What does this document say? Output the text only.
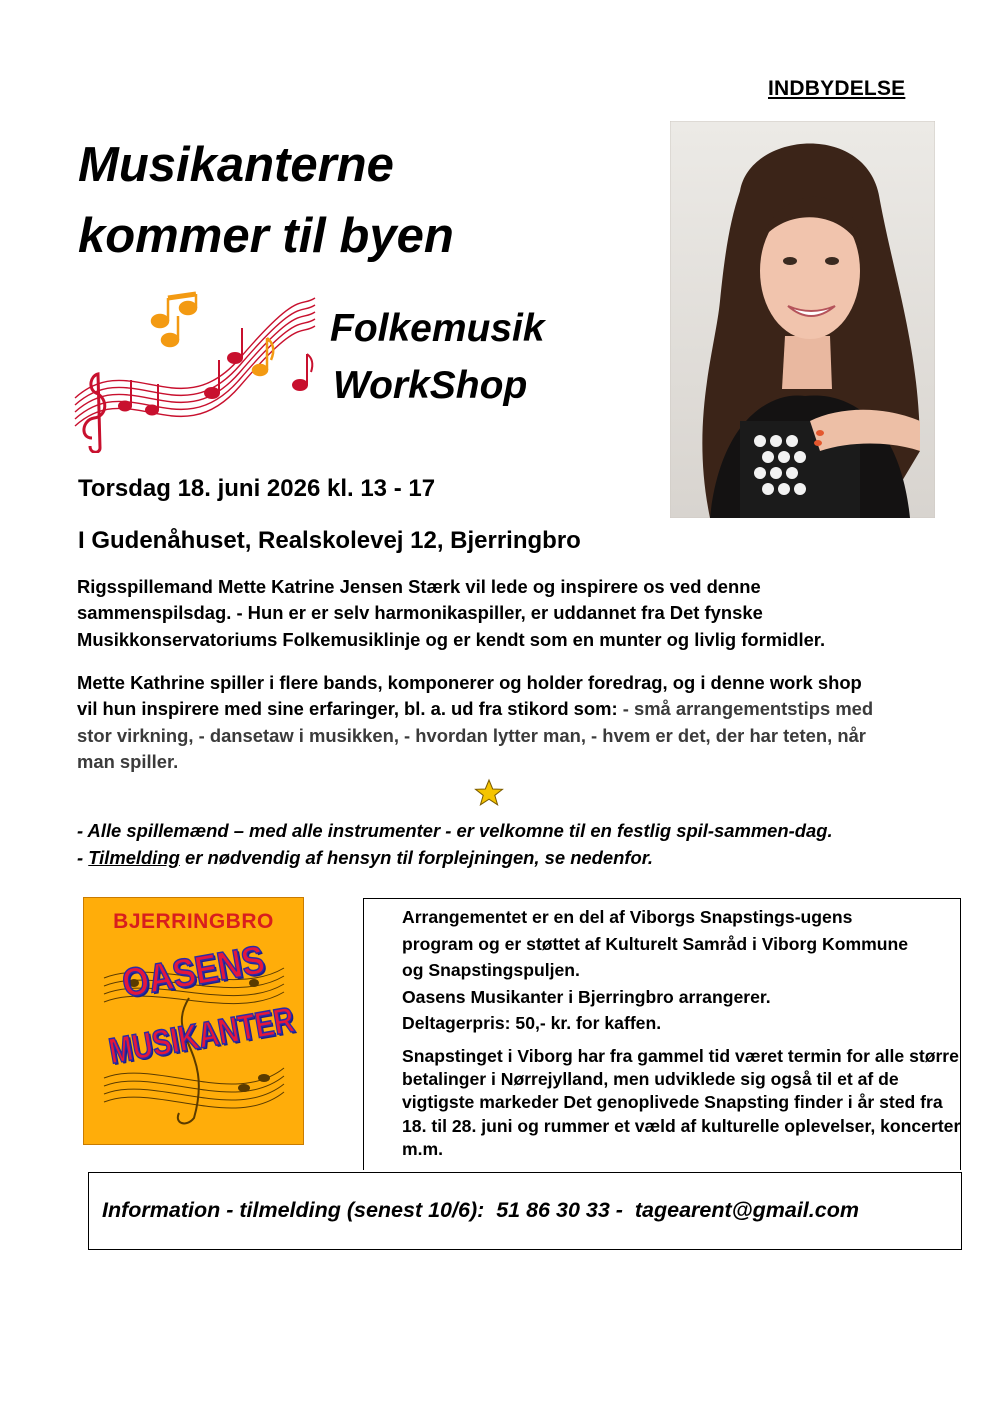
INDBYDELSE
Musikanterne
kommer til byen
Folkemusik
WorkShop
Torsdag 18. juni 2026 kl. 13 - 17
I Gudenåhuset, Realskolevej 12, Bjerringbro
Rigsspillemand Mette Katrine Jensen Stærk vil lede og inspirere os ved denne sammenspilsdag. - Hun er er selv harmonikaspiller, er uddannet fra Det fynske Musikkonservatoriums Folkemusiklinje og er kendt som en munter og livlig formidler.
Mette Kathrine spiller i flere bands, komponerer og holder foredrag, og i denne work shop vil hun inspirere med sine erfaringer, bl. a. ud fra stikord som: - små arrangementstips med stor virkning, - dansetaw i musikken, - hvordan lytter man, - hvem er det, der har teten, når man spiller.
- Alle spillemænd – med alle instrumenter - er velkomne til en festlig spil-sammen-dag.
- Tilmelding er nødvendig af hensyn til forplejningen, se nedenfor.
BJERRINGBRO
OASENS
MUSIKANTER
Arrangementet er en del af Viborgs Snapstings-ugens
program og er støttet af Kulturelt Samråd i Viborg Kommune
og Snapstingspuljen.
Oasens Musikanter i Bjerringbro arrangerer.
Deltagerpris: 50,- kr. for kaffen.
Snapstinget i Viborg har fra gammel tid været termin for alle større betalinger i Nørrejylland, men udviklede sig også til et af de vigtigste markeder Det genoplivede Snapsting finder i år sted fra 18. til 28. juni og rummer et væld af kulturelle oplevelser, koncerter m.m.
Information - tilmelding (senest 10/6):  51 86 30 33 -  tagearent@gmail.com
